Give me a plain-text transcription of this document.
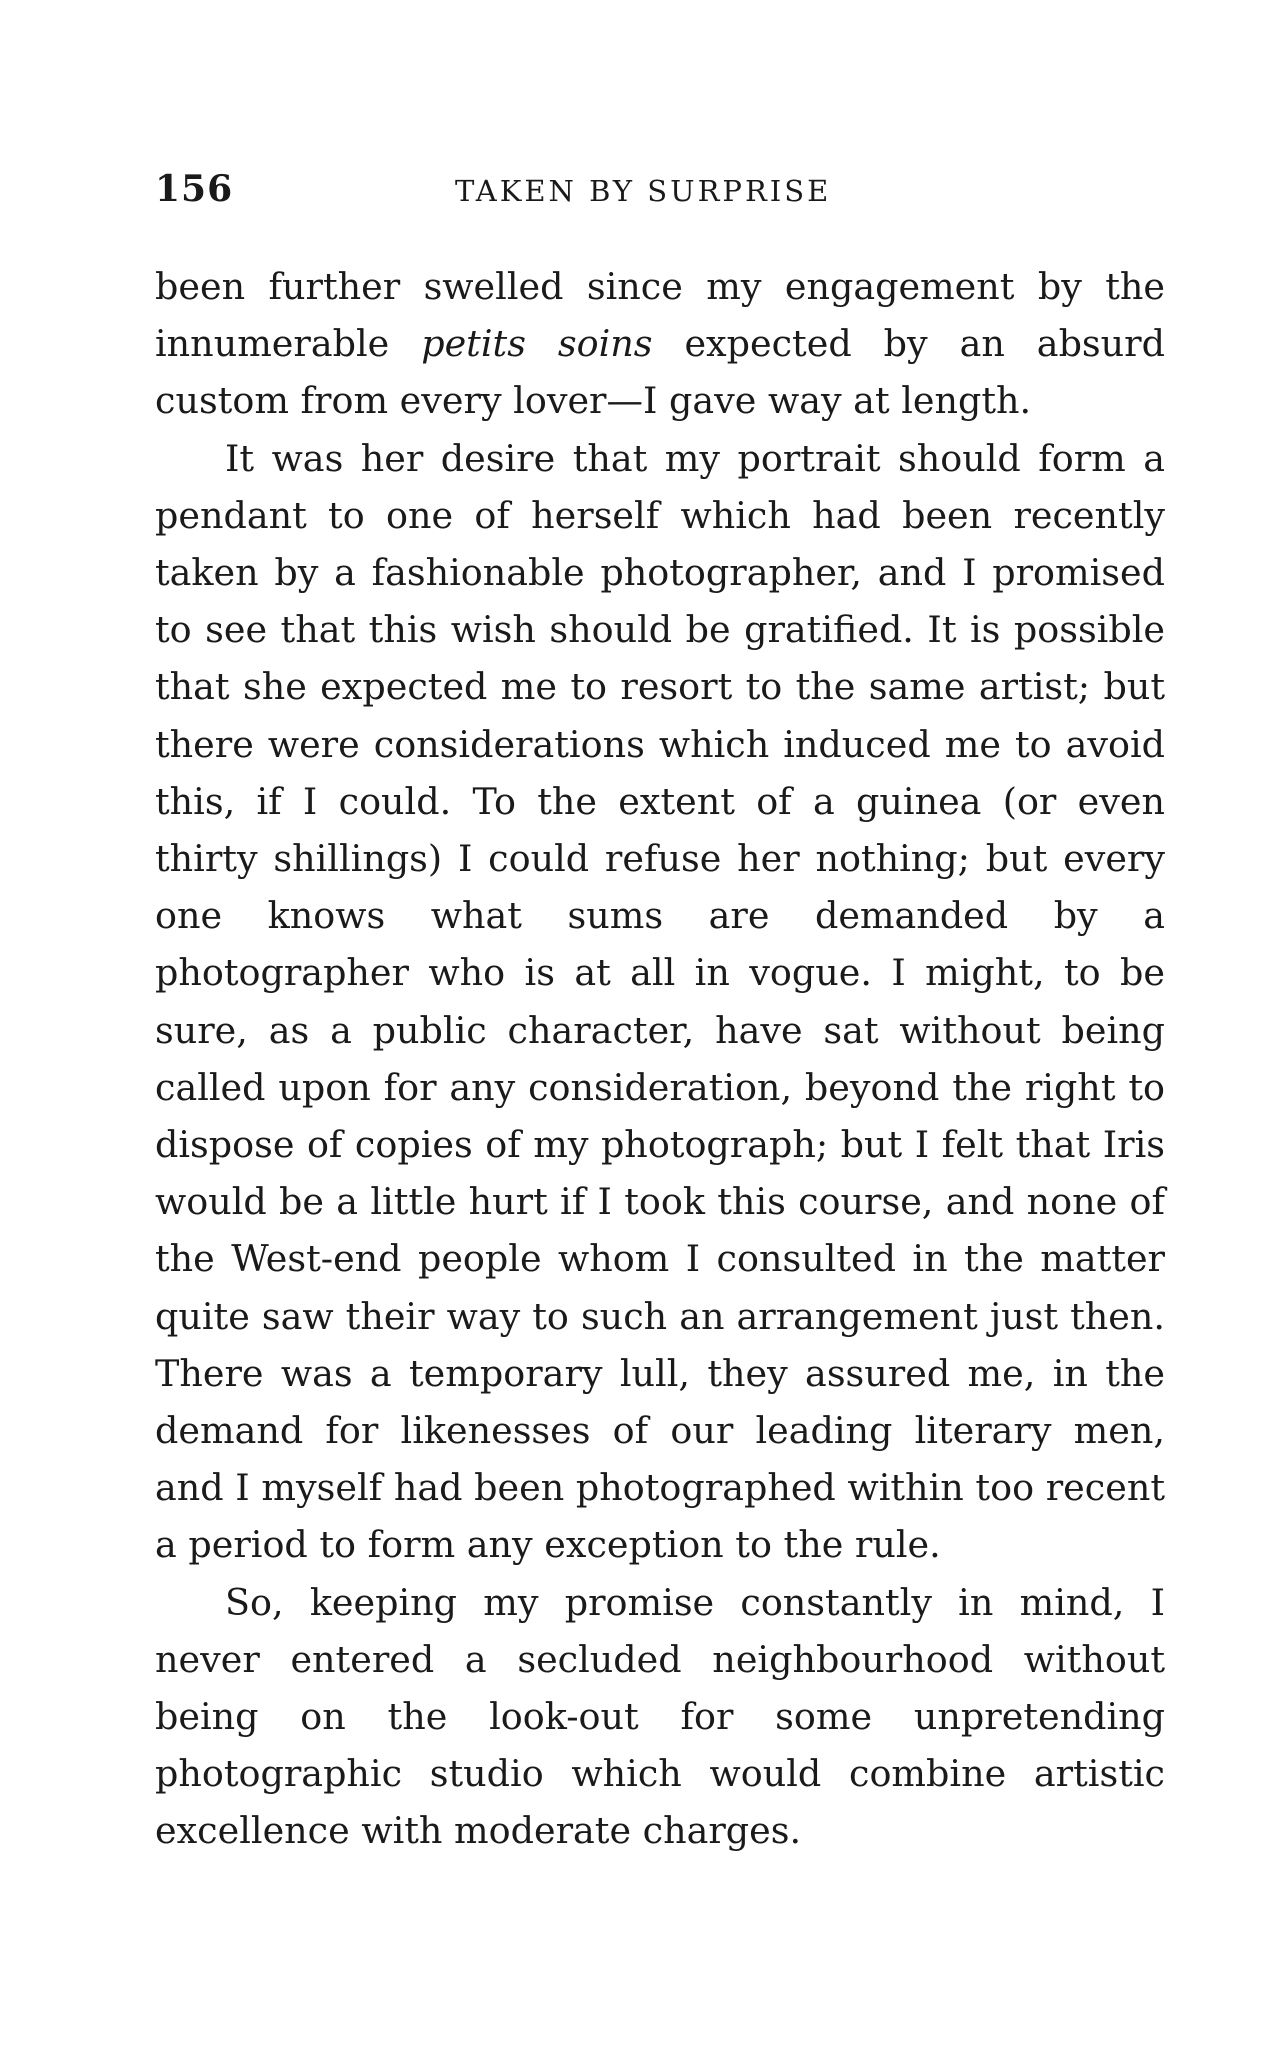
156	TAKEN BY SURPRISE

been further swelled since my engagement by the innumerable petits soins expected by an absurd custom from every lover—I gave way at length.

It was her desire that my portrait should form a pendant to one of herself which had been recently taken by a fashionable photographer, and I promised to see that this wish should be gratified. It is possible that she expected me to resort to the same artist; but there were considerations which induced me to avoid this, if I could. To the extent of a guinea (or even thirty shillings) I could refuse her nothing; but every one knows what sums are demanded by a photographer who is at all in vogue. I might, to be sure, as a public character, have sat without being called upon for any consideration, beyond the right to dispose of copies of my photograph; but I felt that Iris would be a little hurt if I took this course, and none of the West-end people whom I consulted in the matter quite saw their way to such an arrangement just then. There was a temporary lull, they assured me, in the demand for likenesses of our leading literary men, and I myself had been photographed within too recent a period to form any exception to the rule.

So, keeping my promise constantly in mind, I never entered a secluded neighbourhood without being on the look-out for some unpretending photographic studio which would combine artistic excellence with moderate charges.
